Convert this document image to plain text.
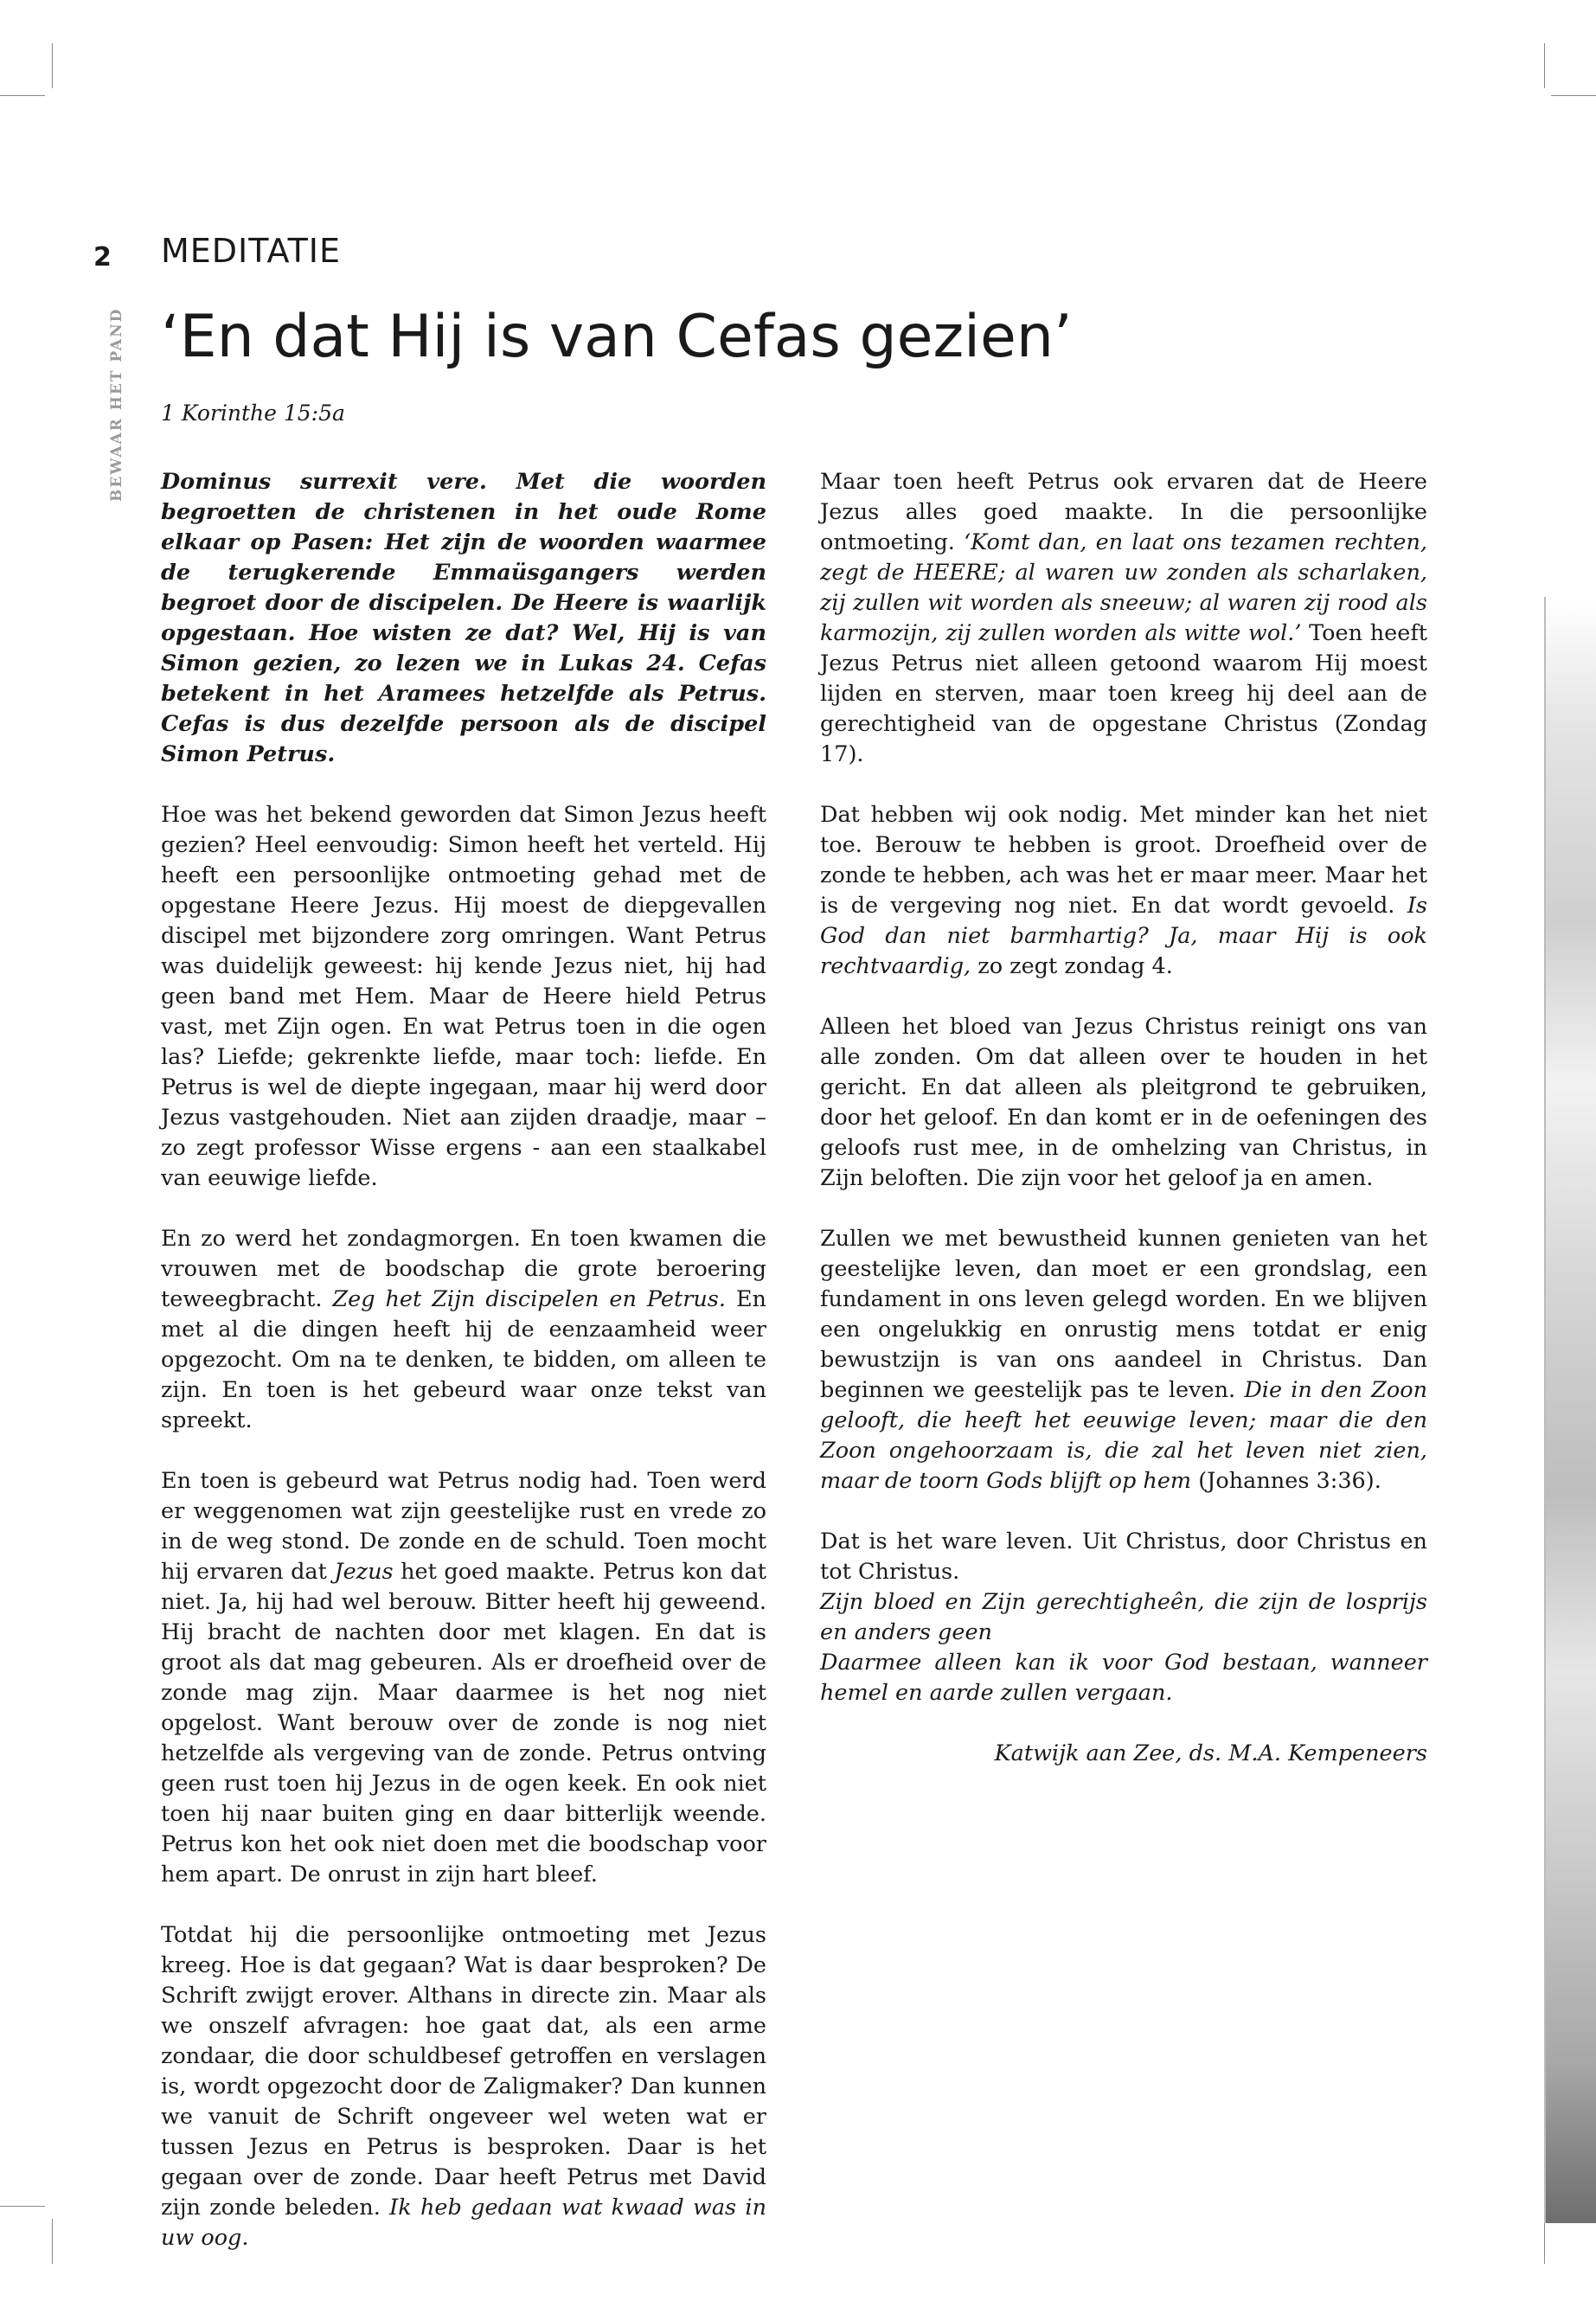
2
BEWAAR HET PAND
MEDITATIE
‘En dat Hij is van Cefas gezien’
1 Korinthe 15:5a

Dominus surrexit vere. Met die woorden begroetten de christenen in het oude Rome elkaar op Pasen: Het zijn de woorden waarmee de terugkerende Emmaüsgangers werden begroet door de discipelen. De Heere is waarlijk opgestaan. Hoe wisten ze dat? Wel, Hij is van Simon gezien, zo lezen we in Lukas 24. Cefas betekent in het Aramees hetzelfde als Petrus. Cefas is dus dezelfde persoon als de discipel Simon Petrus.

Hoe was het bekend geworden dat Simon Jezus heeft gezien? Heel eenvoudig: Simon heeft het verteld. Hij heeft een persoonlijke ontmoeting gehad met de opgestane Heere Jezus. Hij moest de diepgevallen discipel met bijzondere zorg omringen. Want Petrus was duidelijk geweest: hij kende Jezus niet, hij had geen band met Hem. Maar de Heere hield Petrus vast, met Zijn ogen. En wat Petrus toen in die ogen las? Liefde; gekrenkte liefde, maar toch: liefde. En Petrus is wel de diepte ingegaan, maar hij werd door Jezus vastgehouden. Niet aan zijden draadje, maar – zo zegt professor Wisse ergens - aan een staalkabel van eeuwige liefde.

En zo werd het zondagmorgen. En toen kwamen die vrouwen met de boodschap die grote beroering teweegbracht. Zeg het Zijn discipelen en Petrus. En met al die dingen heeft hij de eenzaamheid weer opgezocht. Om na te denken, te bidden, om alleen te zijn. En toen is het gebeurd waar onze tekst van spreekt.

En toen is gebeurd wat Petrus nodig had. Toen werd er weggenomen wat zijn geestelijke rust en vrede zo in de weg stond. De zonde en de schuld. Toen mocht hij ervaren dat Jezus het goed maakte. Petrus kon dat niet. Ja, hij had wel berouw. Bitter heeft hij geweend. Hij bracht de nachten door met klagen. En dat is groot als dat mag gebeuren. Als er droefheid over de zonde mag zijn. Maar daarmee is het nog niet opgelost. Want berouw over de zonde is nog niet hetzelfde als vergeving van de zonde. Petrus ontving geen rust toen hij Jezus in de ogen keek. En ook niet toen hij naar buiten ging en daar bitterlijk weende. Petrus kon het ook niet doen met die boodschap voor hem apart. De onrust in zijn hart bleef.

Totdat hij die persoonlijke ontmoeting met Jezus kreeg. Hoe is dat gegaan? Wat is daar besproken? De Schrift zwijgt erover. Althans in directe zin. Maar als we onszelf afvragen: hoe gaat dat, als een arme zondaar, die door schuldbesef getroffen en verslagen is, wordt opgezocht door de Zaligmaker? Dan kunnen we vanuit de Schrift ongeveer wel weten wat er tussen Jezus en Petrus is besproken. Daar is het gegaan over de zonde. Daar heeft Petrus met David zijn zonde beleden. Ik heb gedaan wat kwaad was in uw oog.

Maar toen heeft Petrus ook ervaren dat de Heere Jezus alles goed maakte. In die persoonlijke ontmoeting. ‘Komt dan, en laat ons tezamen rechten, zegt de HEERE; al waren uw zonden als scharlaken, zij zullen wit worden als sneeuw; al waren zij rood als karmozijn, zij zullen worden als witte wol.’ Toen heeft Jezus Petrus niet alleen getoond waarom Hij moest lijden en sterven, maar toen kreeg hij deel aan de gerechtigheid van de opgestane Christus (Zondag 17).

Dat hebben wij ook nodig. Met minder kan het niet toe. Berouw te hebben is groot. Droefheid over de zonde te hebben, ach was het er maar meer. Maar het is de vergeving nog niet. En dat wordt gevoeld. Is God dan niet barmhartig? Ja, maar Hij is ook rechtvaardig, zo zegt zondag 4.

Alleen het bloed van Jezus Christus reinigt ons van alle zonden. Om dat alleen over te houden in het gericht. En dat alleen als pleitgrond te gebruiken, door het geloof. En dan komt er in de oefeningen des geloofs rust mee, in de omhelzing van Christus, in Zijn beloften. Die zijn voor het geloof ja en amen.

Zullen we met bewustheid kunnen genieten van het geestelijke leven, dan moet er een grondslag, een fundament in ons leven gelegd worden. En we blijven een ongelukkig en onrustig mens totdat er enig bewustzijn is van ons aandeel in Christus. Dan beginnen we geestelijk pas te leven. Die in den Zoon gelooft, die heeft het eeuwige leven; maar die den Zoon ongehoorzaam is, die zal het leven niet zien, maar de toorn Gods blijft op hem (Johannes 3:36).

Dat is het ware leven. Uit Christus, door Christus en tot Christus.
Zijn bloed en Zijn gerechtigheên, die zijn de losprijs en anders geen
Daarmee alleen kan ik voor God bestaan, wanneer hemel en aarde zullen vergaan.

Katwijk aan Zee, ds. M.A. Kempeneers
